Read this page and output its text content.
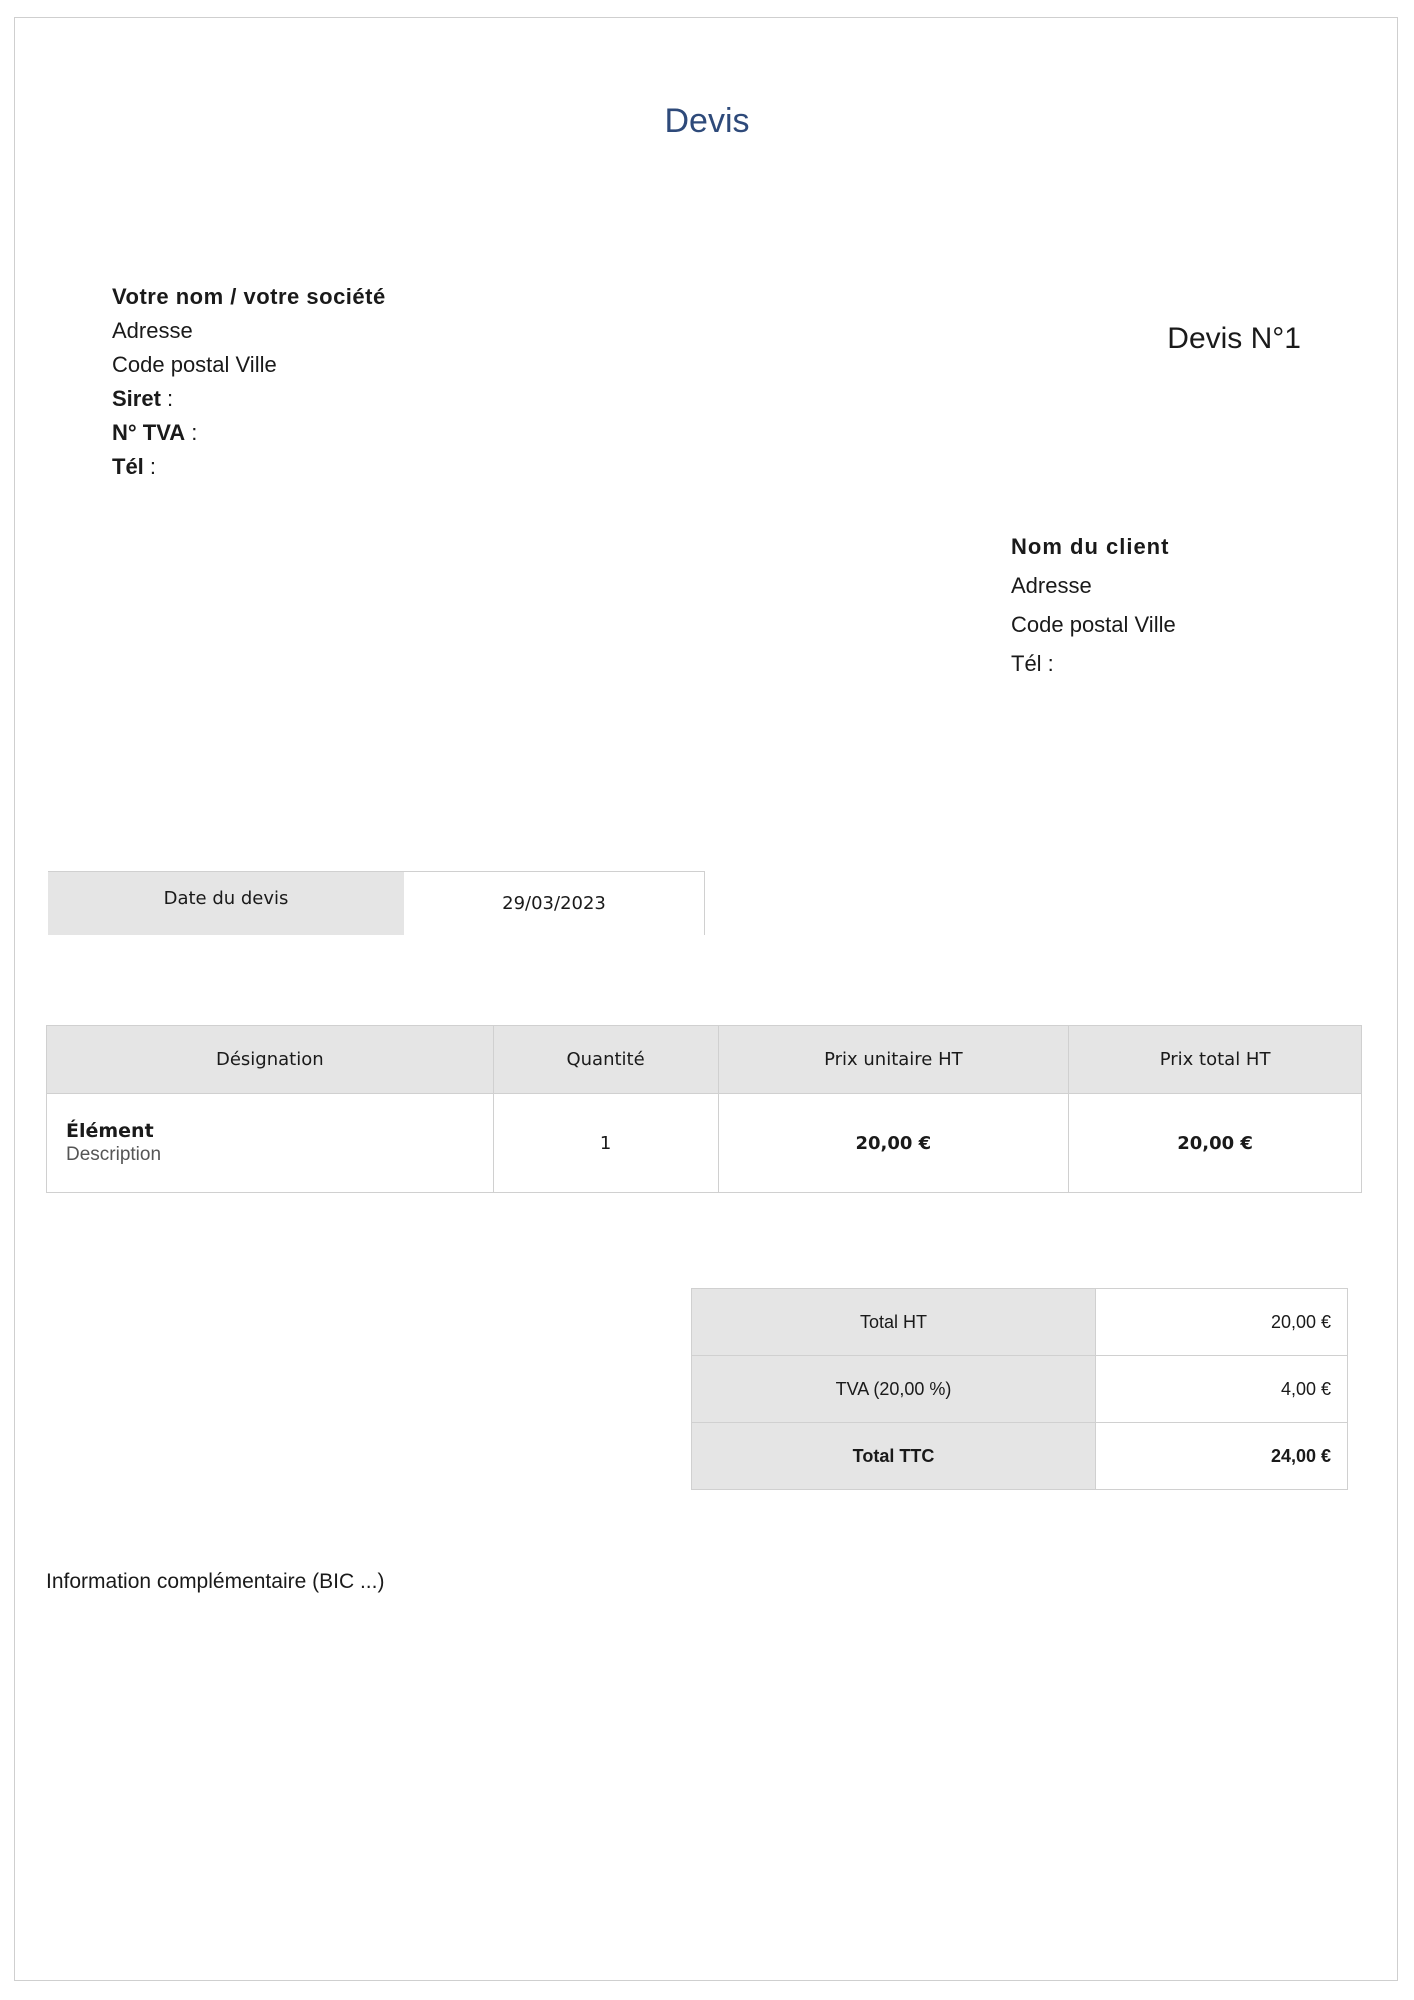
Devis
Votre nom / votre société
Adresse
Code postal Ville
Siret :
N° TVA :
Tél :
Devis N°1
Nom du client
Adresse
Code postal Ville
Tél :
Date du devis	29/03/2023
Désignation	Quantité	Prix unitaire HT	Prix total HT

Élément
Description	1	20,00 €	20,00 €
Total HT	20,00 €
TVA (20,00 %)	4,00 €
Total TTC	24,00 €
Information complémentaire (BIC ...)
